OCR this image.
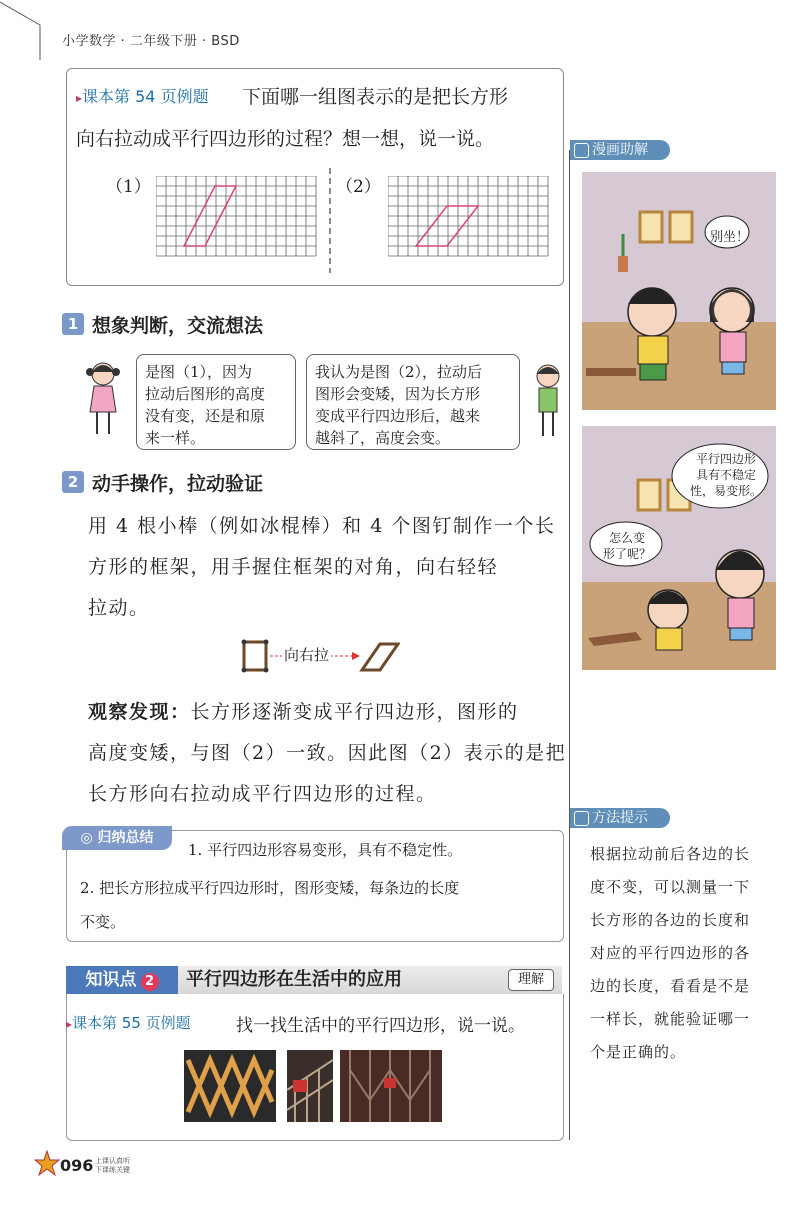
小学数学 · 二年级下册 · BSD
▸课本第 54 页例题 下面哪一组图表示的是把长方形
向右拉动成平行四边形的过程？想一想，说一说。
（1）	（2）
1 想象判断，交流想法
是图（1），因为
拉动后图形的高度
没有变，还是和原
来一样。
我认为是图（2），拉动后
图形会变矮，因为长方形
变成平行四边形后，越来
越斜了，高度会变。
2 动手操作，拉动验证
用 4 根小棒（例如冰棍棒）和 4 个图钉制作一个长
方形的框架，用手握住框架的对角，向右轻轻
拉动。
向右拉
观察发现：长方形逐渐变成平行四边形，图形的
高度变矮，与图（2）一致。因此图（2）表示的是把
长方形向右拉动成平行四边形的过程。
◎ 归纳总结
1. 平行四边形容易变形，具有不稳定性。
2. 把长方形拉成平行四边形时，图形变矮，每条边的长度
不变。
知识点 2	平行四边形在生活中的应用	理解
▸课本第 55 页例题	找一找生活中的平行四边形，说一说。
漫画助解
别坐！
平行四边形
具有不稳定
性，易变形。
怎么变
形了呢？
方法提示
根据拉动前后各边的长
度不变，可以测量一下
长方形的各边的长度和
对应的平行四边形的各
边的长度，看看是不是
一样长，就能验证哪一
个是正确的。
096 上课认真听
下课练关键
